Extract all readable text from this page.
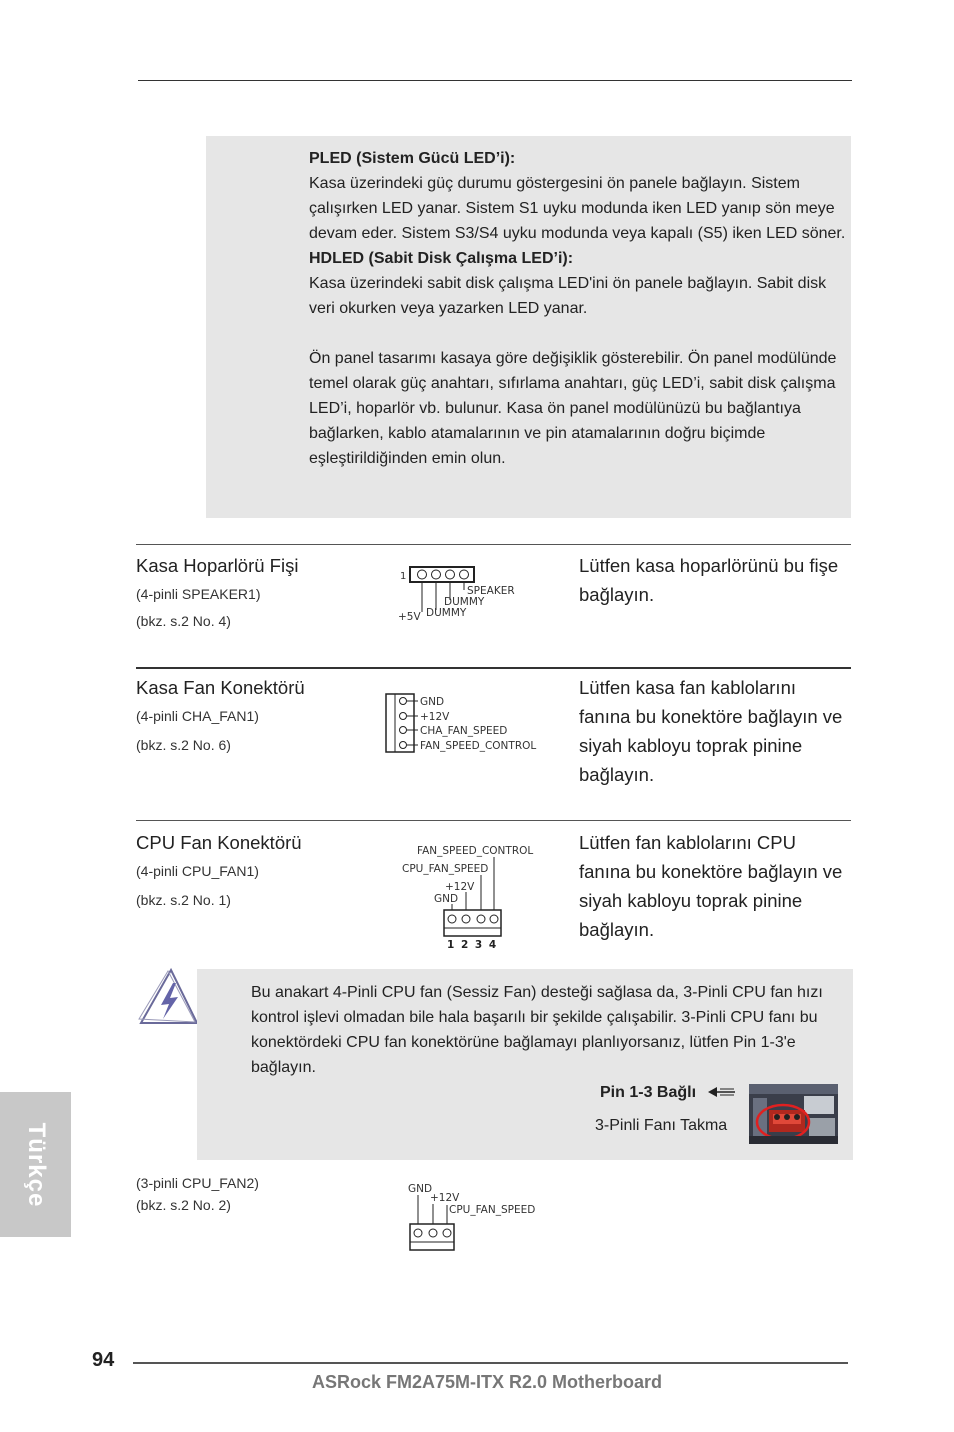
PLED (Sistem Gücü LED’i):

Kasa üzerindeki güç durumu göstergesini ön panele bağlayın. Sistem çalışırken LED yanar. Sistem S1 uyku modunda iken LED yanıp sön meye devam eder. Sistem S3/S4 uyku modunda veya kapalı (S5) iken LED söner.

HDLED (Sabit Disk Çalışma LED’i):

Kasa üzerindeki sabit disk çalışma LED'ini ön panele bağlayın. Sabit disk veri okurken veya yazarken LED yanar.

Ön panel tasarımı kasaya göre değişiklik gösterebilir. Ön panel modülünde temel olarak güç anahtarı, sıfırlama anahtarı, güç LED’i, sabit disk çalışma LED’i, hoparlör vb. bulunur. Kasa ön panel modülünüzü bu bağlantıya bağlarken, kablo atamalarının ve pin atamalarının doğru biçimde eşleştirildiğinden emin olun.

Kasa Hoparlörü Fişi
(4-pinli SPEAKER1)
(bkz. s.2 No. 4)
Lütfen kasa hoparlörünü bu fişe bağlayın.
1
SPEAKER
DUMMY
DUMMY
+5V
Kasa Fan Konektörü
(4-pinli CHA_FAN1)
(bkz. s.2 No. 6)
Lütfen kasa fan kablolarını fanına bu konektöre bağlayın ve siyah kabloyu toprak pinine bağlayın.
GND
+12V
CHA_FAN_SPEED
FAN_SPEED_CONTROL
CPU Fan Konektörü
(4-pinli CPU_FAN1)
(bkz. s.2 No. 1)
Lütfen fan kablolarını CPU fanına bu konektöre bağlayın ve siyah kabloyu toprak pinine bağlayın.
FAN_SPEED_CONTROL
CPU_FAN_SPEED
+12V
GND
1 2 3 4
Bu anakart 4-Pinli CPU fan (Sessiz Fan) desteği sağlasa da, 3-Pinli CPU fan hızı kontrol işlevi olmadan bile hala başarılı bir şekilde çalışabilir. 3-Pinli CPU fanı bu konektördeki CPU fan konektörüne bağlamayı planlıyorsanız, lütfen Pin 1-3'e bağlayın.
Pin 1-3 Bağlı
3-Pinli Fanı Takma
(3-pinli CPU_FAN2)
(bkz. s.2 No. 2)
GND
+12V
CPU_FAN_SPEED
Türkçe
94
ASRock FM2A75M-ITX R2.0 Motherboard
